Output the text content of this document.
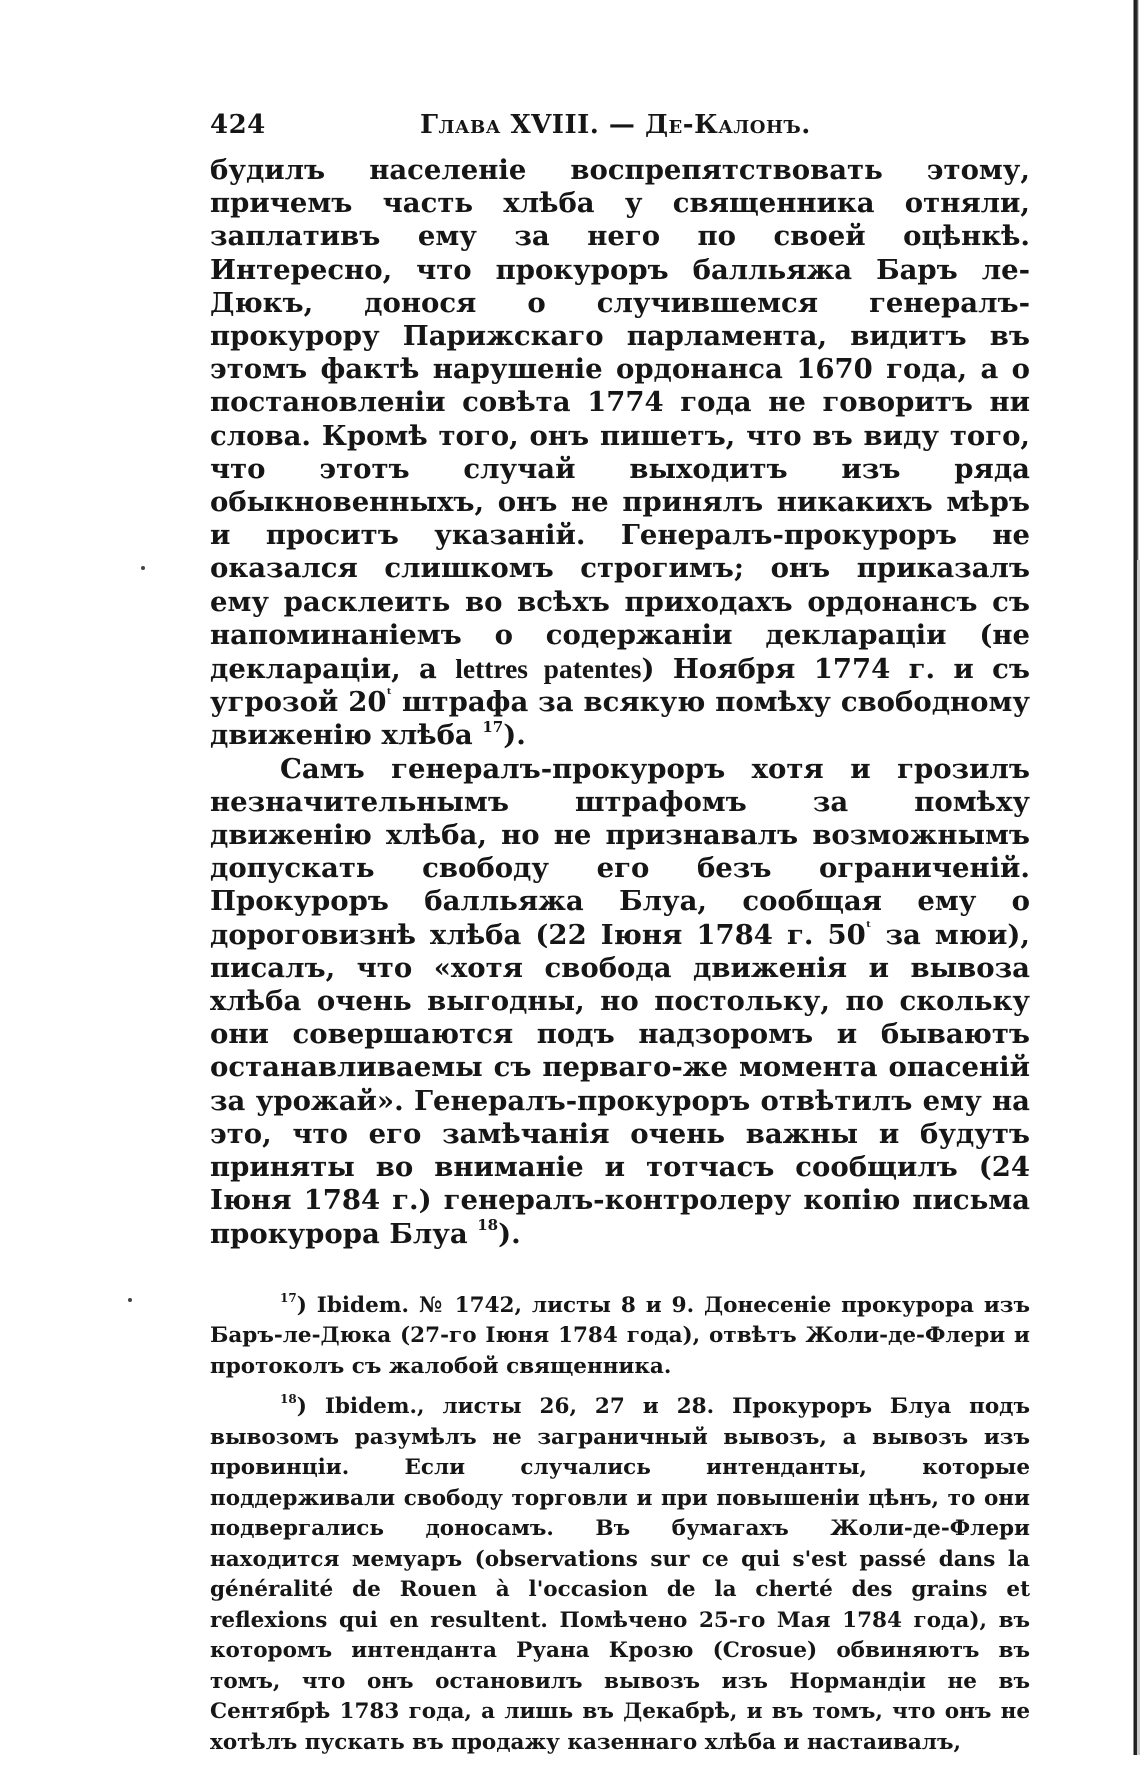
424	Глава XVIII. — Де-Калонъ.

будилъ населеніе воспрепятствовать этому, причемъ часть хлѣба у священника отняли, заплативъ ему за него по своей оцѣнкѣ. Интересно, что прокуроръ балльяжа Баръ ле-Дюкъ, донося о случившемся генералъ-прокурору Парижскаго парламента, видитъ въ этомъ фактѣ нарушеніе ордонанса 1670 года, а о постановленіи совѣта 1774 года не говоритъ ни слова. Кромѣ того, онъ пишетъ, что въ виду того, что этотъ случай выходитъ изъ ряда обыкновенныхъ, онъ не принялъ никакихъ мѣръ и проситъ указаній. Генералъ-прокуроръ не оказался слишкомъ строгимъ; онъ приказалъ ему расклеить во всѣхъ приходахъ ордонансъ съ напоминаніемъ о содержаніи деклараціи (не деклараціи, а lettres patentes) Ноября 1774 г. и съ угрозой $20^ᵗ$ штрафа за всякую помѣху свободному движенію хлѣба $^{17}$).

Самъ генералъ-прокуроръ хотя и грозилъ незначительнымъ штрафомъ за помѣху движенію хлѣба, но не признавалъ возможнымъ допускать свободу его безъ ограниченій. Прокуроръ балльяжа Блуа, сообщая ему о дороговизнѣ хлѣба (22 Іюня 1784 г. $50^ᵗ$ за мюи), писалъ, что «хотя свобода движенія и вывоза хлѣба очень выгодны, но постольку, по скольку они совершаются подъ надзоромъ и бываютъ останавливаемы съ перваго-же момента опасеній за урожай». Генералъ-прокуроръ отвѣтилъ ему на это, что его замѣчанія очень важны и будутъ приняты во вниманіе и тотчасъ сообщилъ (24 Іюня 1784 г.) генералъ-контролеру копію письма прокурора Блуа $^{18}$).

$^{17}$) Ibidem. № 1742, листы 8 и 9. Донесеніе прокурора изъ Баръ-ле-Дюка (27-го Іюня 1784 года), отвѣтъ Жоли-де-Флери и протоколъ съ жалобой священника.

$^{18}$) Ibidem., листы 26, 27 и 28. Прокуроръ Блуа подъ вывозомъ разумѣлъ не заграничный вывозъ, а вывозъ изъ провинціи. Если случались интенданты, которые поддерживали свободу торговли и при повышеніи цѣнъ, то они подвергались доносамъ. Въ бумагахъ Жоли-де-Флери находится мемуаръ (observations sur ce qui s'est passé dans la généralité de Rouen à l'occasion de la cherté des grains et reflexions qui en resultent. Помѣчено 25-го Мая 1784 года), въ которомъ интенданта Руана Крозю (Crosue) обвиняютъ въ томъ, что онъ остановилъ вывозъ изъ Нормандіи не въ Сентябрѣ 1783 года, а лишь въ Декабрѣ, и въ томъ, что онъ не хотѣлъ пускать въ продажу казеннаго хлѣба и настаивалъ,
